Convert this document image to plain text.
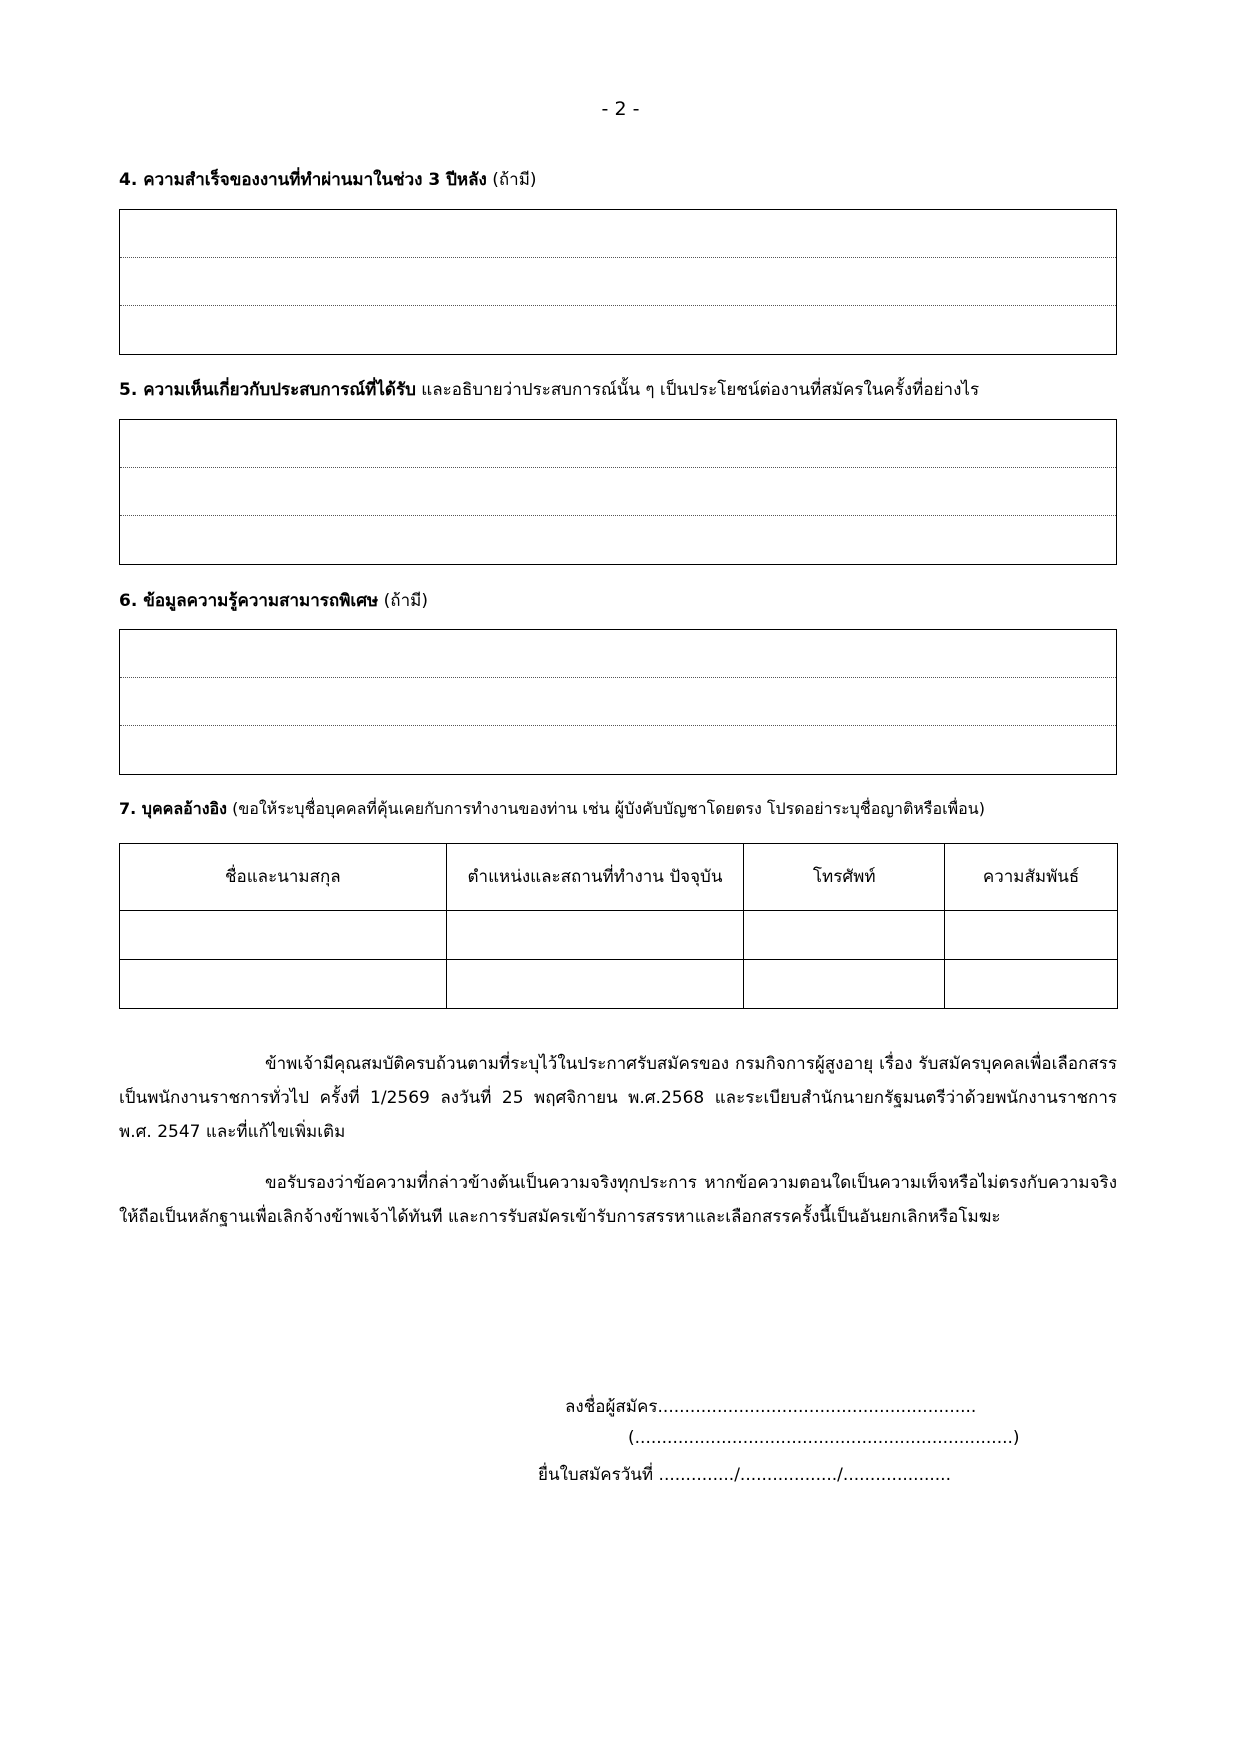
- 2 -
4. ความสำเร็จของงานที่ทำผ่านมาในช่วง 3 ปีหลัง (ถ้ามี)
5. ความเห็นเกี่ยวกับประสบการณ์ที่ได้รับ และอธิบายว่าประสบการณ์นั้น ๆ เป็นประโยชน์ต่องานที่สมัครในครั้งที่อย่างไร
6. ข้อมูลความรู้ความสามารถพิเศษ (ถ้ามี)
7. บุคคลอ้างอิง (ขอให้ระบุชื่อบุคคลที่คุ้นเคยกับการทำงานของท่าน เช่น ผู้บังคับบัญชาโดยตรง โปรดอย่าระบุชื่อญาติหรือเพื่อน)
ชื่อและนามสกุล	ตำแหน่งและสถานที่ทำงาน ปัจจุบัน	โทรศัพท์	ความสัมพันธ์

ข้าพเจ้ามีคุณสมบัติครบถ้วนตามที่ระบุไว้ในประกาศรับสมัครของ กรมกิจการผู้สูงอายุ เรื่อง รับสมัครบุคคลเพื่อเลือกสรรเป็นพนักงานราชการทั่วไป ครั้งที่ 1/2569 ลงวันที่ 25 พฤศจิกายน พ.ศ.2568 และระเบียบสำนักนายกรัฐมนตรีว่าด้วยพนักงานราชการ พ.ศ. 2547 และที่แก้ไขเพิ่มเติม
ขอรับรองว่าข้อความที่กล่าวข้างต้นเป็นความจริงทุกประการ หากข้อความตอนใดเป็นความเท็จหรือไม่ตรงกับความจริง ให้ถือเป็นหลักฐานเพื่อเลิกจ้างข้าพเจ้าได้ทันที และการรับสมัครเข้ารับการสรรหาและเลือกสรรครั้งนี้เป็นอันยกเลิกหรือโมฆะ
ลงชื่อผู้สมัคร...........................................................
(......................................................................)
ยื่นใบสมัครวันที่ ............../................../....................
